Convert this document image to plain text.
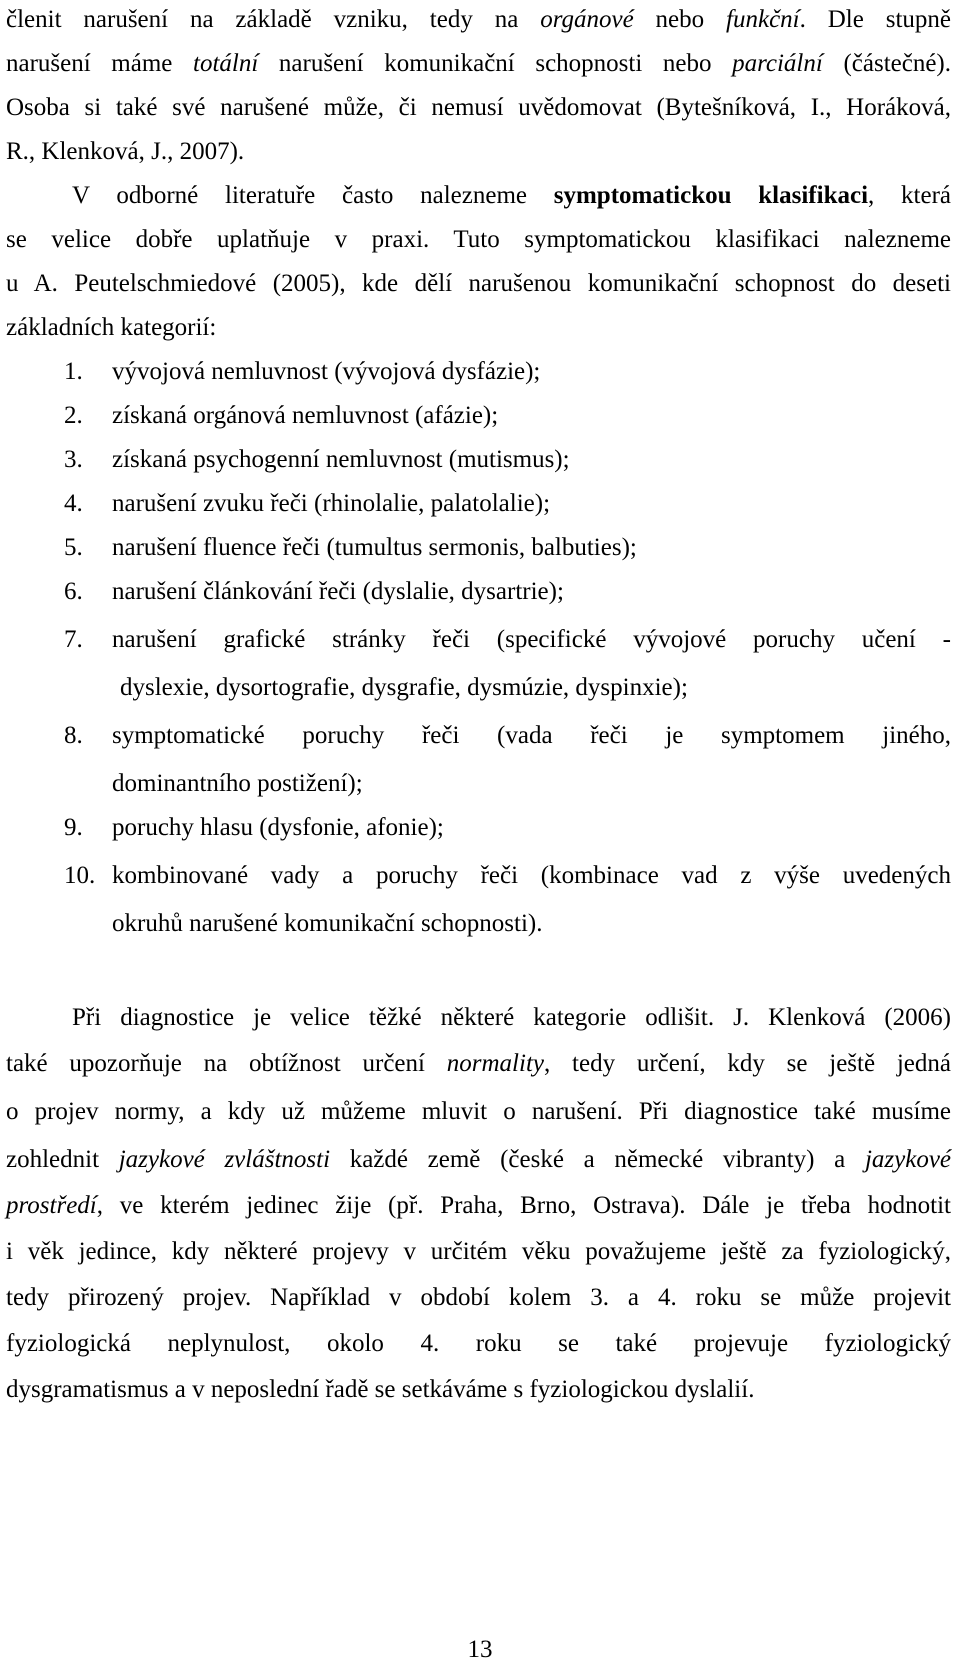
členit narušení na základě vzniku, tedy na orgánové nebo funkční. Dle stupně
narušení máme totální narušení komunikační schopnosti nebo parciální (částečné).
Osoba si také své narušené může, či nemusí uvědomovat (Bytešníková, I., Horáková,
R., Klenková, J., 2007).
V odborné literatuře často nalezneme symptomatickou klasifikaci, která
se velice dobře uplatňuje v praxi. Tuto symptomatickou klasifikaci nalezneme
u A. Peutelschmiedové (2005), kde dělí narušenou komunikační schopnost do deseti
základních kategorií:
1. vývojová nemluvnost (vývojová dysfázie);
2. získaná orgánová nemluvnost (afázie);
3. získaná psychogenní nemluvnost (mutismus);
4. narušení zvuku řeči (rhinolalie, palatolalie);
5. narušení fluence řeči (tumultus sermonis, balbuties);
6. narušení článkování řeči (dyslalie, dysartrie);
7. narušení grafické stránky řeči (specifické vývojové poruchy učení -
dyslexie, dysortografie, dysgrafie, dysmúzie, dyspinxie);
8. symptomatické poruchy řeči (vada řeči je symptomem jiného,
dominantního postižení);
9. poruchy hlasu (dysfonie, afonie);
10. kombinované vady a poruchy řeči (kombinace vad z výše uvedených
okruhů narušené komunikační schopnosti).
Při diagnostice je velice těžké některé kategorie odlišit. J. Klenková (2006)
také upozorňuje na obtížnost určení normality, tedy určení, kdy se ještě jedná
o projev normy, a kdy už můžeme mluvit o narušení. Při diagnostice také musíme
zohlednit jazykové zvláštnosti každé země (české a německé vibranty) a jazykové
prostředí, ve kterém jedinec žije (př. Praha, Brno, Ostrava). Dále je třeba hodnotit
i věk jedince, kdy některé projevy v určitém věku považujeme ještě za fyziologický,
tedy přirozený projev. Například v období kolem 3. a 4. roku se může projevit
fyziologická neplynulost, okolo 4. roku se také projevuje fyziologický
dysgramatismus a v neposlední řadě se setkáváme s fyziologickou dyslalií.
13
